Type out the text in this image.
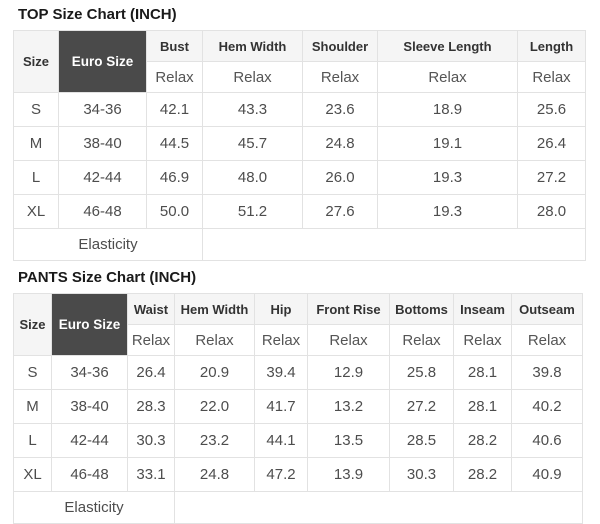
TOP Size Chart (INCH)
Size	Euro Size	Bust	Hem Width	Shoulder	Sleeve Length	Length
		Relax	Relax	Relax	Relax	Relax
S	34-36	42.1	43.3	23.6	18.9	25.6
M	38-40	44.5	45.7	24.8	19.1	26.4
L	42-44	46.9	48.0	26.0	19.3	27.2
XL	46-48	50.0	51.2	27.6	19.3	28.0
Elasticity						
PANTS Size Chart (INCH)
Size	Euro Size	Waist	Hem Width	Hip	Front Rise	Bottoms	Inseam	Outseam
		Relax	Relax	Relax	Relax	Relax	Relax	Relax
S	34-36	26.4	20.9	39.4	12.9	25.8	28.1	39.8
M	38-40	28.3	22.0	41.7	13.2	27.2	28.1	40.2
L	42-44	30.3	23.2	44.1	13.5	28.5	28.2	40.6
XL	46-48	33.1	24.8	47.2	13.9	30.3	28.2	40.9
Elasticity								
